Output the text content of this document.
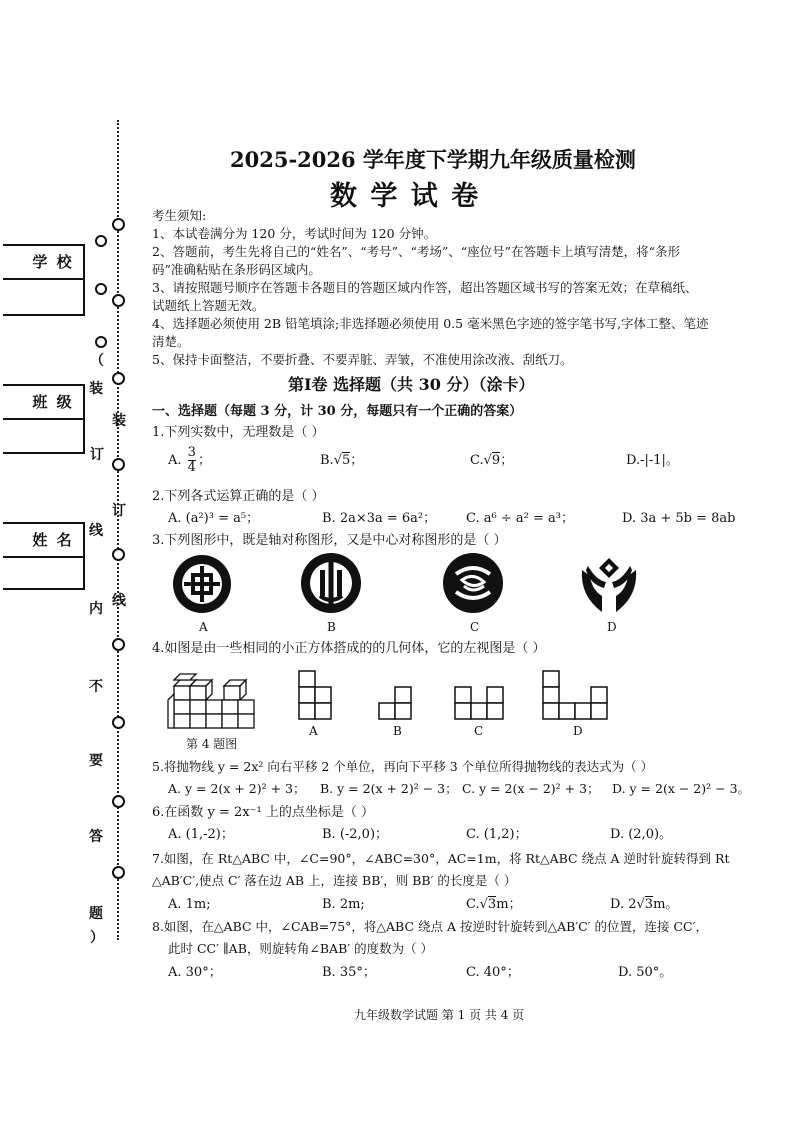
学 校
班 级
姓 名
（
装
订
线
内
不
要
答
题
）
装
订
线
2025-2026 学年度下学期九年级质量检测
数 学 试 卷
考生须知:
1、本试卷满分为 120 分，考试时间为 120 分钟。
2、答题前，考生先将自己的“姓名”、“考号”、“考场”、“座位号”在答题卡上填写清楚，将“条形
码”准确粘贴在条形码区域内。
3、请按照题号顺序在答题卡各题目的答题区域内作答，超出答题区域书写的答案无效；在草稿纸、
试题纸上答题无效。
4、选择题必须使用 2B 铅笔填涂;非选择题必须使用 0.5 毫米黑色字迹的签字笔书写,字体工整、笔迹
清楚。
5、保持卡面整洁，不要折叠、不要弄脏、弄皱，不准使用涂改液、刮纸刀。
第Ⅰ卷 选择题（共 30 分）（涂卡）
一、选择题（每题 3 分，计 30 分，每题只有一个正确的答案）
1.下列实数中，无理数是（ ）
A. $\frac{3}{4}$ ；	B.√5；	C.√9；	D.-|-1|。
2.下列各式运算正确的是（ ）
A. (a²)³ = a⁵；	B. 2a×3a = 6a²； C. a⁶ ÷ a² = a³；	D. 3a + 5b = 8ab
3.下列图形中，既是轴对称图形，又是中心对称图形的是（ ）
A	B	C	D
4.如图是由一些相同的小正方体搭成的的几何体，它的左视图是（ ）
第 4 题图
A	B	C	D
5.将抛物线 y = 2x² 向右平移 2 个单位，再向下平移 3 个单位所得抛物线的表达式为（ ）
A. y = 2(x + 2)² + 3； B. y = 2(x + 2)² − 3； C. y = 2(x − 2)² + 3； D. y = 2(x − 2)² − 3。
6.在函数 y = 2x⁻¹ 上的点坐标是（ ）
A. (1,-2)；	B. (-2,0)；	C. (1,2)；	D. (2,0)。
7.如图，在 Rt△ABC 中，∠C=90°，∠ABC=30°，AC=1m，将 Rt△ABC 绕点 A 逆时针旋转得到 Rt
△AB′C′,使点 C′ 落在边 AB 上，连接 BB′，则 BB′ 的长度是（ ）
A. 1m;	B. 2m;	C.√3m；	D. 2√3m。
8.如图，在△ABC 中，∠CAB=75°，将△ABC 绕点 A 按逆时针旋转到△AB′C′ 的位置，连接 CC′，
此时 CC′ ∥AB，则旋转角∠BAB′ 的度数为（ ）
A. 30°；	B. 35°；	C. 40°；	D. 50°。
九年级数学试题 第 1 页 共 4 页
